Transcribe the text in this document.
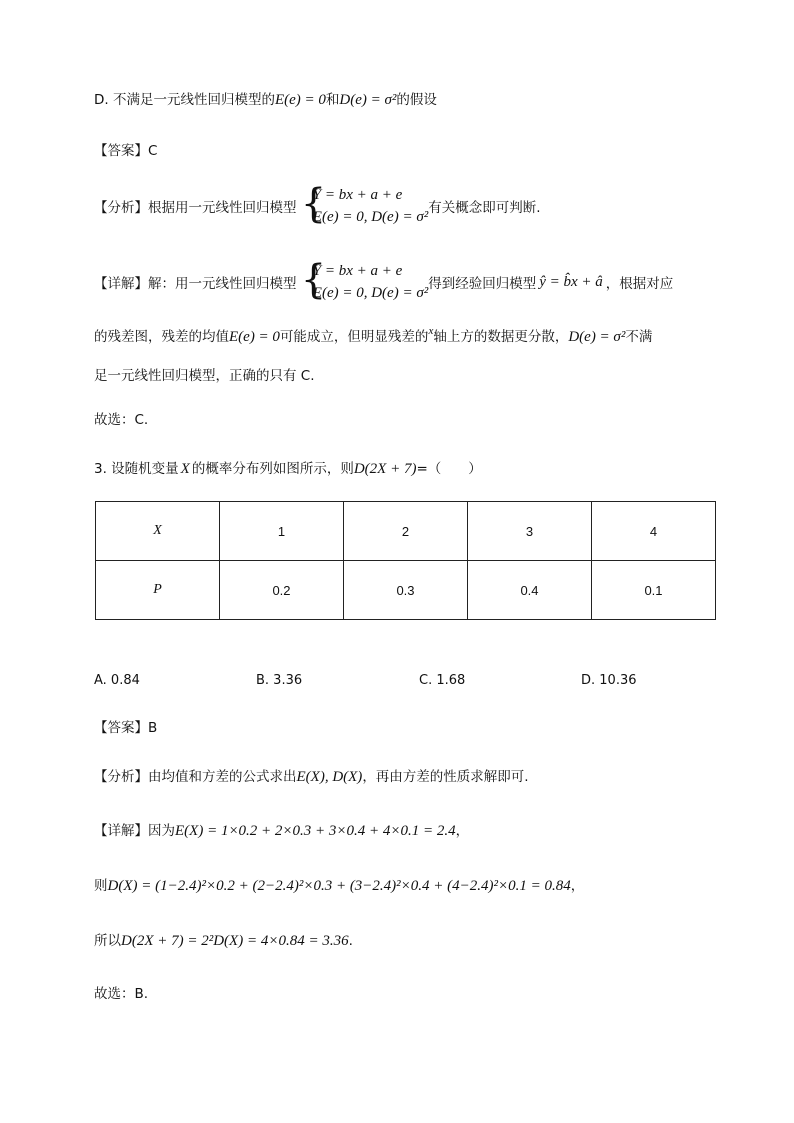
D. 不满足一元线性回归模型的E(e) = 0和D(e) = σ²的假设
【答案】C
【分析】根据用一元线性回归模型 {
Y = bx + a + e
E(e) = 0, D(e) = σ²
有关概念即可判断.
【详解】解：用一元线性回归模型 {
Y = bx + a + e
E(e) = 0, D(e) = σ²
得到经验回归模型 ŷ = b̂x + â ，根据对应
的残差图，残差的均值E(e) = 0可能成立，但明显残差的$^x$轴上方的数据更分散，D(e) = σ²不满
足一元线性回归模型，正确的只有 C.
故选：C.
3. 设随机变量 X 的概率分布列如图所示，则D(2X + 7)=（　　）
X	1	2	3	4
P	0.2	0.3	0.4	0.1
A. 0.84	B. 3.36	C. 1.68	D. 10.36
【答案】B
【分析】由均值和方差的公式求出E(X), D(X)，再由方差的性质求解即可.
【详解】因为E(X) = 1×0.2 + 2×0.3 + 3×0.4 + 4×0.1 = 2.4，
则D(X) = (1−2.4)²×0.2 + (2−2.4)²×0.3 + (3−2.4)²×0.4 + (4−2.4)²×0.1 = 0.84，
所以D(2X + 7) = 2²D(X) = 4×0.84 = 3.36.
故选：B.
